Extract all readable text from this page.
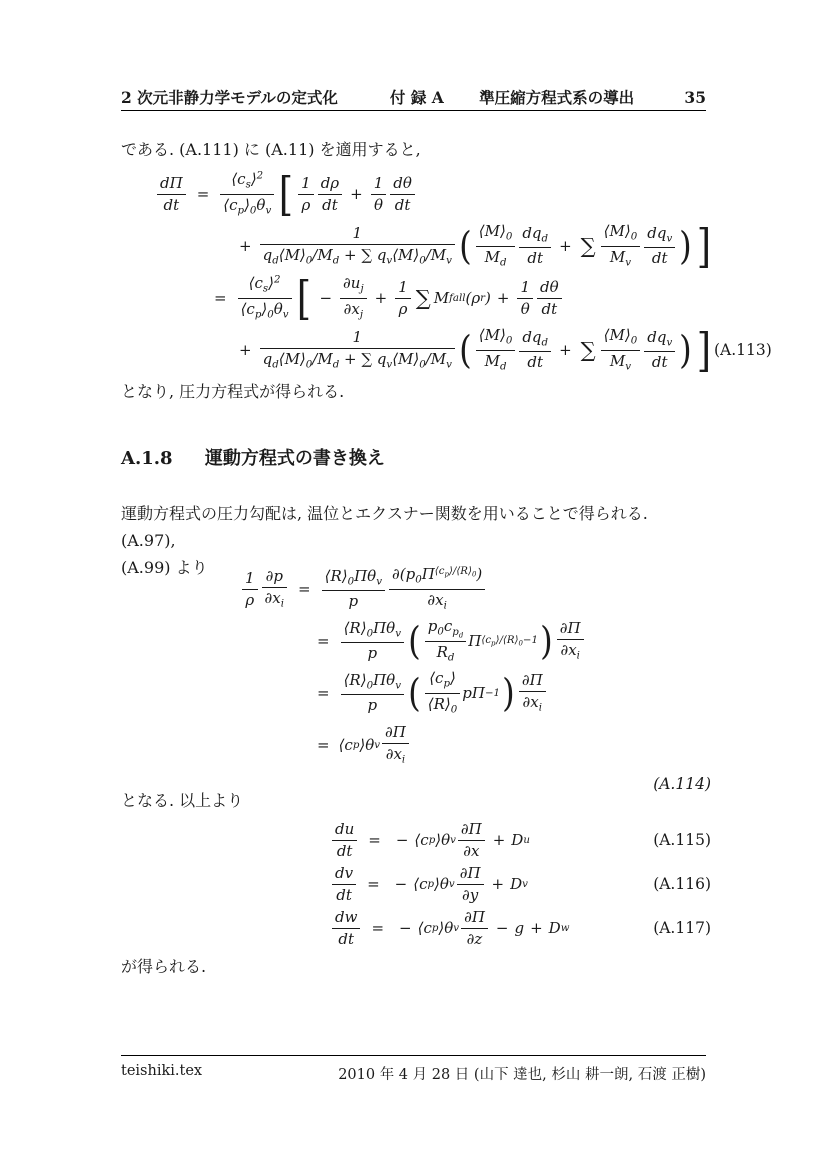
2 次元非静力学モデルの定式化	付 録 A 準圧縮方程式系の導出	35
である. (A.111) に (A.11) を適用すると,
$\frac{d\Pi}{dt} = \frac{⟨c_s⟩^2}{⟨c_p⟩_0\theta_v}$ [ 1
ρ
dρ
dt
+ $\frac{1}{\theta}$ dθ
dt
+ $\frac{1}{q_d⟨M⟩_0/M_d + \sum q_v⟨M⟩_0/M_v}$ ( $⟨M⟩_0$
$M_d$
$dq_d$
dt
+ ∑
$⟨M⟩_0$
$M_v$
$dq_v$
dt ) ]
= $\frac{⟨c_s⟩^2}{⟨c_p⟩_0\theta_v}$ [ − $\frac{\partial u_j}{\partial x_j} + \frac{1}{\rho}$ ∑ M fall (ρ r ) + $\frac{1}{\theta}$ dθ
dt
+ $\frac{1}{q_d⟨M⟩_0/M_d + \sum q_v⟨M⟩_0/M_v}$ ( $⟨M⟩_0$
$M_d$
$dq_d$
dt
+ ∑
$⟨M⟩_0$
$M_v$
$dq_v$
dt ) ] (A.113)
となり, 圧力方程式が得られる.
A.1.8 運動方程式の書き換え
運動方程式の圧力勾配は, 温位とエクスナー関数を用いることで得られる. (A.97),
(A.99) より
1
ρ $\frac{\partial p}{\partial x_i}$ =
$⟨R⟩_0\Pi\theta_v$
p
$\partial(p_0\Pi^{⟨c_p⟩/⟨R⟩_0})$
$\partial x_i$
=
$⟨R⟩_0\Pi\theta_v$
p ( $p_0c_{p_d}$
$R_d$
Π $⟨c_p⟩/⟨R⟩_0-1$ ) ∂Π
$\partial x_i$
=
$⟨R⟩_0\Pi\theta_v$
p ( $⟨c_p⟩$
$⟨R⟩_0$
pΠ −1 ) ∂Π
$\partial x_i$
= ⟨c p ⟩θ v
∂Π
$\partial x_i$
(A.114)
となる. 以上より
$\frac{du}{dt}$ = − ⟨c p ⟩θ v
∂Π
∂x
+ D u	(A.115)
$\frac{dv}{dt}$ = − ⟨c p ⟩θ v
∂Π
∂y
+ D v	(A.116)
$\frac{dw}{dt}$ = − ⟨c p ⟩θ v
∂Π
∂z
− g + D w	(A.117)
が得られる.
teishiki.tex	2010 年 4 月 28 日 (山下 達也, 杉山 耕一朗, 石渡 正樹)
